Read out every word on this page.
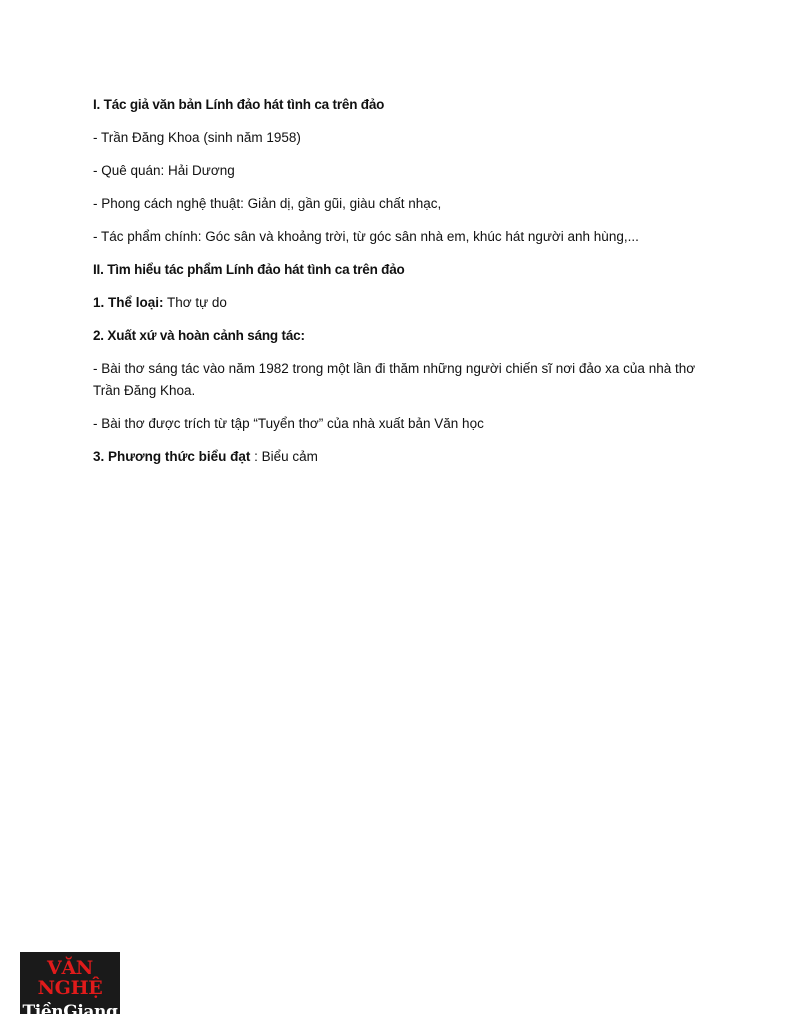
I. Tác giả văn bản Lính đảo hát tình ca trên đảo
- Trần Đăng Khoa (sinh năm 1958)
- Quê quán: Hải Dương
- Phong cách nghệ thuật: Giản dị, gần gũi, giàu chất nhạc,
- Tác phẩm chính: Góc sân và khoảng trời, từ góc sân nhà em, khúc hát người anh hùng,...
II. Tìm hiểu tác phẩm Lính đảo hát tình ca trên đảo
1. Thể loại: Thơ tự do
2. Xuất xứ và hoàn cảnh sáng tác:
- Bài thơ sáng tác vào năm 1982 trong một lần đi thăm những người chiến sĩ nơi đảo xa của nhà thơ Trần Đăng Khoa.
- Bài thơ được trích từ tập “Tuyển thơ” của nhà xuất bản Văn học
3. Phương thức biểu đạt : Biểu cảm
VĂN NGHỆ
TiềnGiang
